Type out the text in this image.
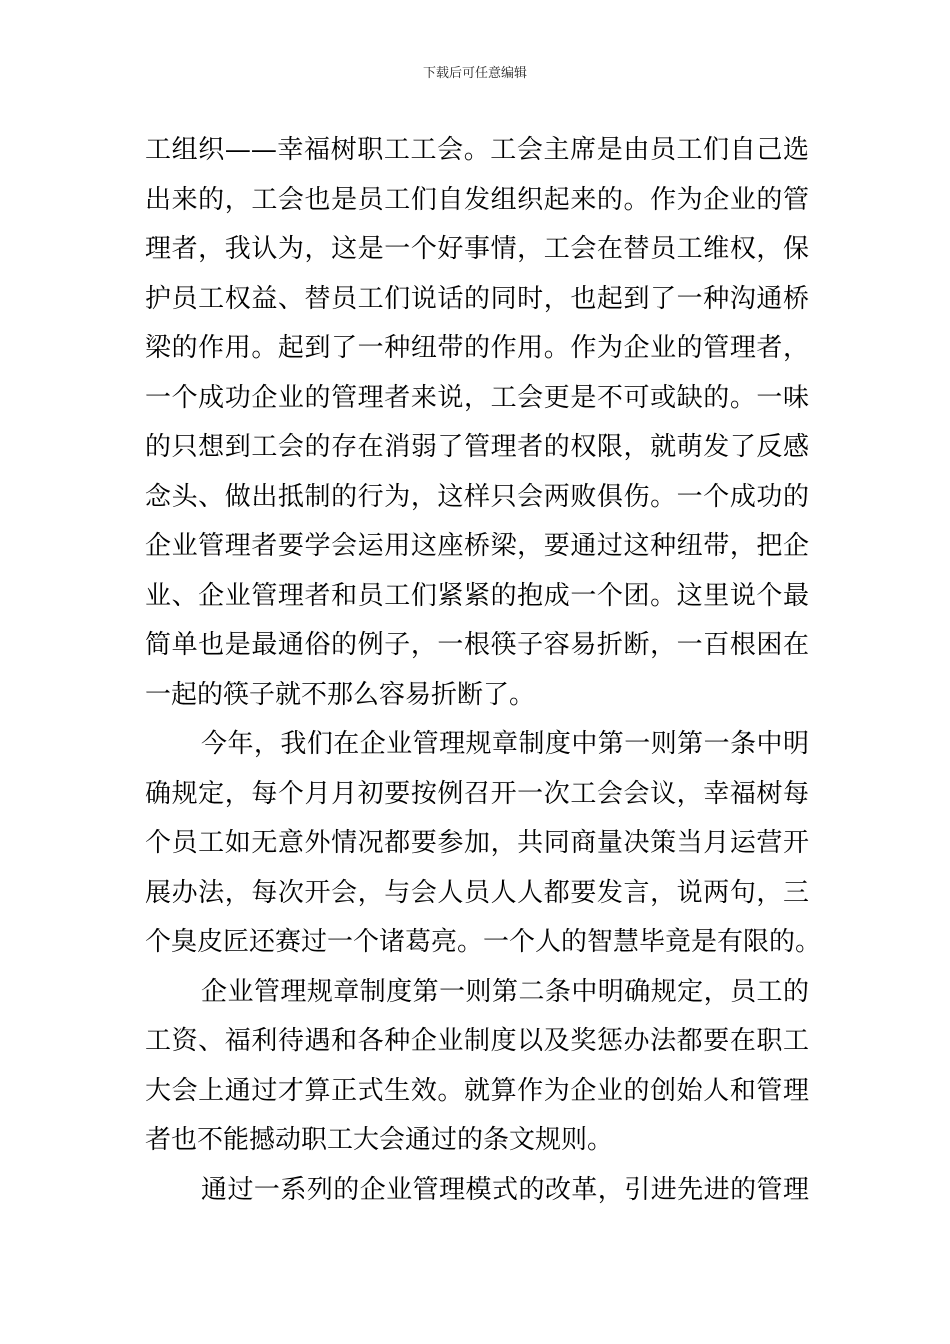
下载后可任意编辑
工组织——幸福树职工工会。工会主席是由员工们自己选
出来的，工会也是员工们自发组织起来的。作为企业的管
理者，我认为，这是一个好事情，工会在替员工维权，保
护员工权益、替员工们说话的同时，也起到了一种沟通桥
梁的作用。起到了一种纽带的作用。作为企业的管理者，
一个成功企业的管理者来说，工会更是不可或缺的。一味
的只想到工会的存在消弱了管理者的权限，就萌发了反感
念头、做出抵制的行为，这样只会两败俱伤。一个成功的
企业管理者要学会运用这座桥梁，要通过这种纽带，把企
业、企业管理者和员工们紧紧的抱成一个团。这里说个最
简单也是最通俗的例子，一根筷子容易折断，一百根困在
一起的筷子就不那么容易折断了。
今年，我们在企业管理规章制度中第一则第一条中明
确规定，每个月月初要按例召开一次工会会议，幸福树每
个员工如无意外情况都要参加，共同商量决策当月运营开
展办法，每次开会，与会人员人人都要发言，说两句，三
个臭皮匠还赛过一个诸葛亮。一个人的智慧毕竟是有限的。
企业管理规章制度第一则第二条中明确规定，员工的
工资、福利待遇和各种企业制度以及奖惩办法都要在职工
大会上通过才算正式生效。就算作为企业的创始人和管理
者也不能撼动职工大会通过的条文规则。
通过一系列的企业管理模式的改革，引进先进的管理
